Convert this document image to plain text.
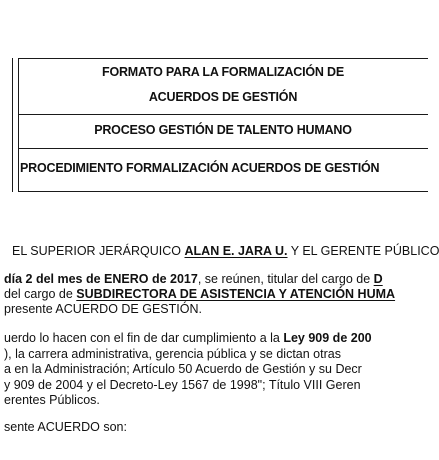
FORMATO PARA LA FORMALIZACIÓN DE
ACUERDOS DE GESTIÓN
PROCESO GESTIÓN DE TALENTO HUMANO
PROCEDIMIENTO FORMALIZACIÓN ACUERDOS DE GESTIÓN
EL SUPERIOR JERÁRQUICO ALAN E. JARA U. Y EL GERENTE PÚBLICO
día 2 del mes de ENERO de 2017, se reúnen, titular del cargo de D
del cargo de SUBDIRECTORA DE ASISTENCIA Y ATENCIÓN HUMA
presente ACUERDO DE GESTIÓN.
uerdo lo hacen con el fin de dar cumplimiento a la Ley 909 de 200
), la carrera administrativa, gerencia pública y se dictan otras
a en la Administración; Artículo 50 Acuerdo de Gestión y su Decr
y 909 de 2004 y el Decreto-Ley 1567 de 1998"; Título VIII Geren
erentes Públicos.
sente ACUERDO son:
